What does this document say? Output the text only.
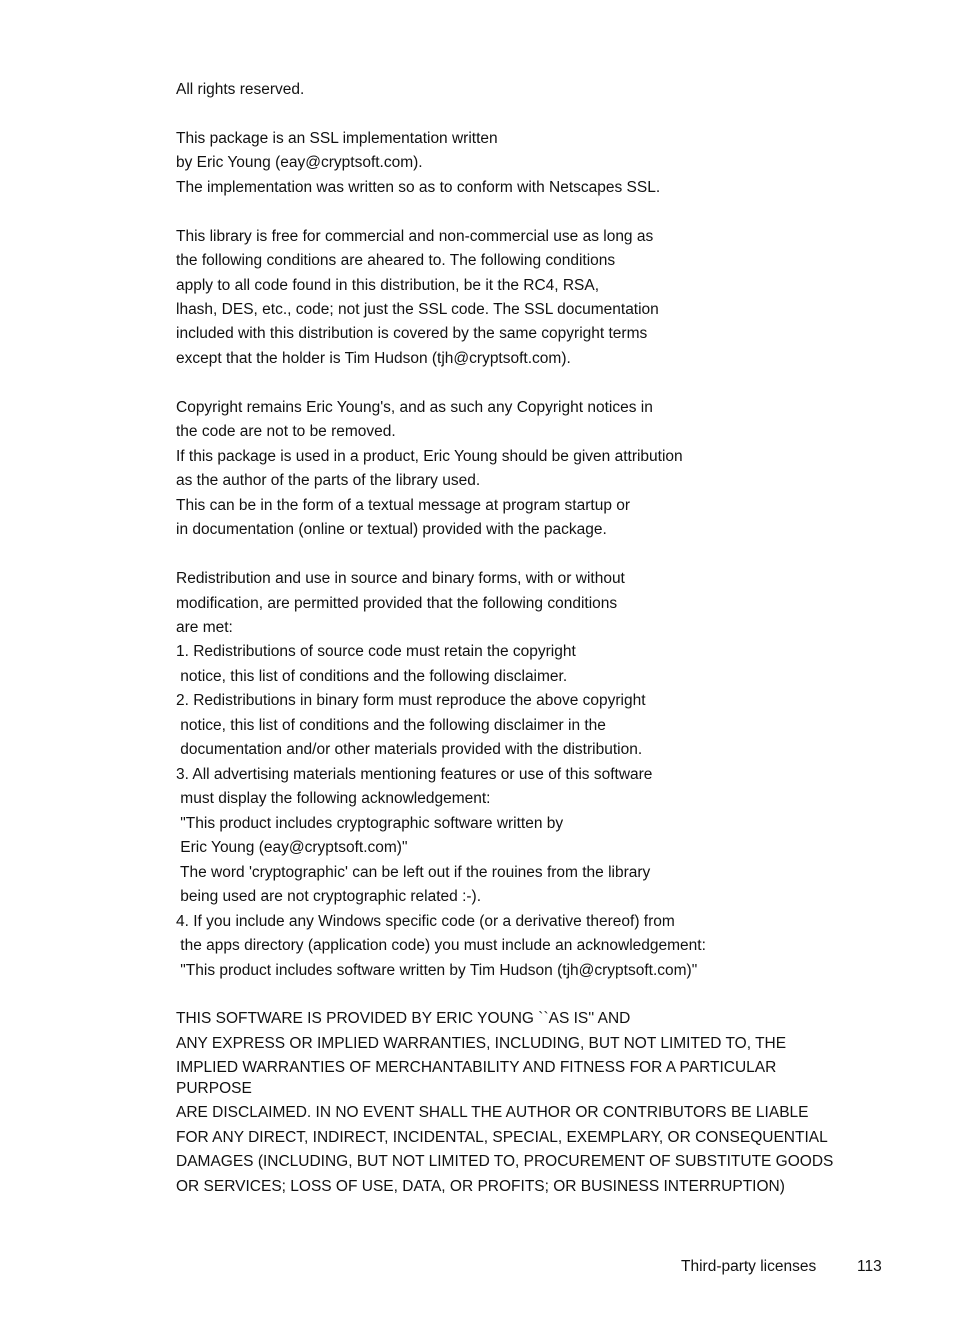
All rights reserved.
This package is an SSL implementation written
by Eric Young (eay@cryptsoft.com).
The implementation was written so as to conform with Netscapes SSL.
This library is free for commercial and non-commercial use as long as
the following conditions are aheared to. The following conditions
apply to all code found in this distribution, be it the RC4, RSA,
lhash, DES, etc., code; not just the SSL code. The SSL documentation
included with this distribution is covered by the same copyright terms
except that the holder is Tim Hudson (tjh@cryptsoft.com).
Copyright remains Eric Young's, and as such any Copyright notices in
the code are not to be removed.
If this package is used in a product, Eric Young should be given attribution
as the author of the parts of the library used.
This can be in the form of a textual message at program startup or
in documentation (online or textual) provided with the package.
Redistribution and use in source and binary forms, with or without
modification, are permitted provided that the following conditions
are met:
1. Redistributions of source code must retain the copyright
notice, this list of conditions and the following disclaimer.
2. Redistributions in binary form must reproduce the above copyright
notice, this list of conditions and the following disclaimer in the
documentation and/or other materials provided with the distribution.
3. All advertising materials mentioning features or use of this software
must display the following acknowledgement:
"This product includes cryptographic software written by
Eric Young (eay@cryptsoft.com)"
The word 'cryptographic' can be left out if the rouines from the library
being used are not cryptographic related :-).
4. If you include any Windows specific code (or a derivative thereof) from
the apps directory (application code) you must include an acknowledgement:
"This product includes software written by Tim Hudson (tjh@cryptsoft.com)"
THIS SOFTWARE IS PROVIDED BY ERIC YOUNG ``AS IS'' AND
ANY EXPRESS OR IMPLIED WARRANTIES, INCLUDING, BUT NOT LIMITED TO, THE
IMPLIED WARRANTIES OF MERCHANTABILITY AND FITNESS FOR A PARTICULAR
PURPOSE
ARE DISCLAIMED. IN NO EVENT SHALL THE AUTHOR OR CONTRIBUTORS BE LIABLE
FOR ANY DIRECT, INDIRECT, INCIDENTAL, SPECIAL, EXEMPLARY, OR CONSEQUENTIAL
DAMAGES (INCLUDING, BUT NOT LIMITED TO, PROCUREMENT OF SUBSTITUTE GOODS
OR SERVICES; LOSS OF USE, DATA, OR PROFITS; OR BUSINESS INTERRUPTION)
Third-party licenses	113
